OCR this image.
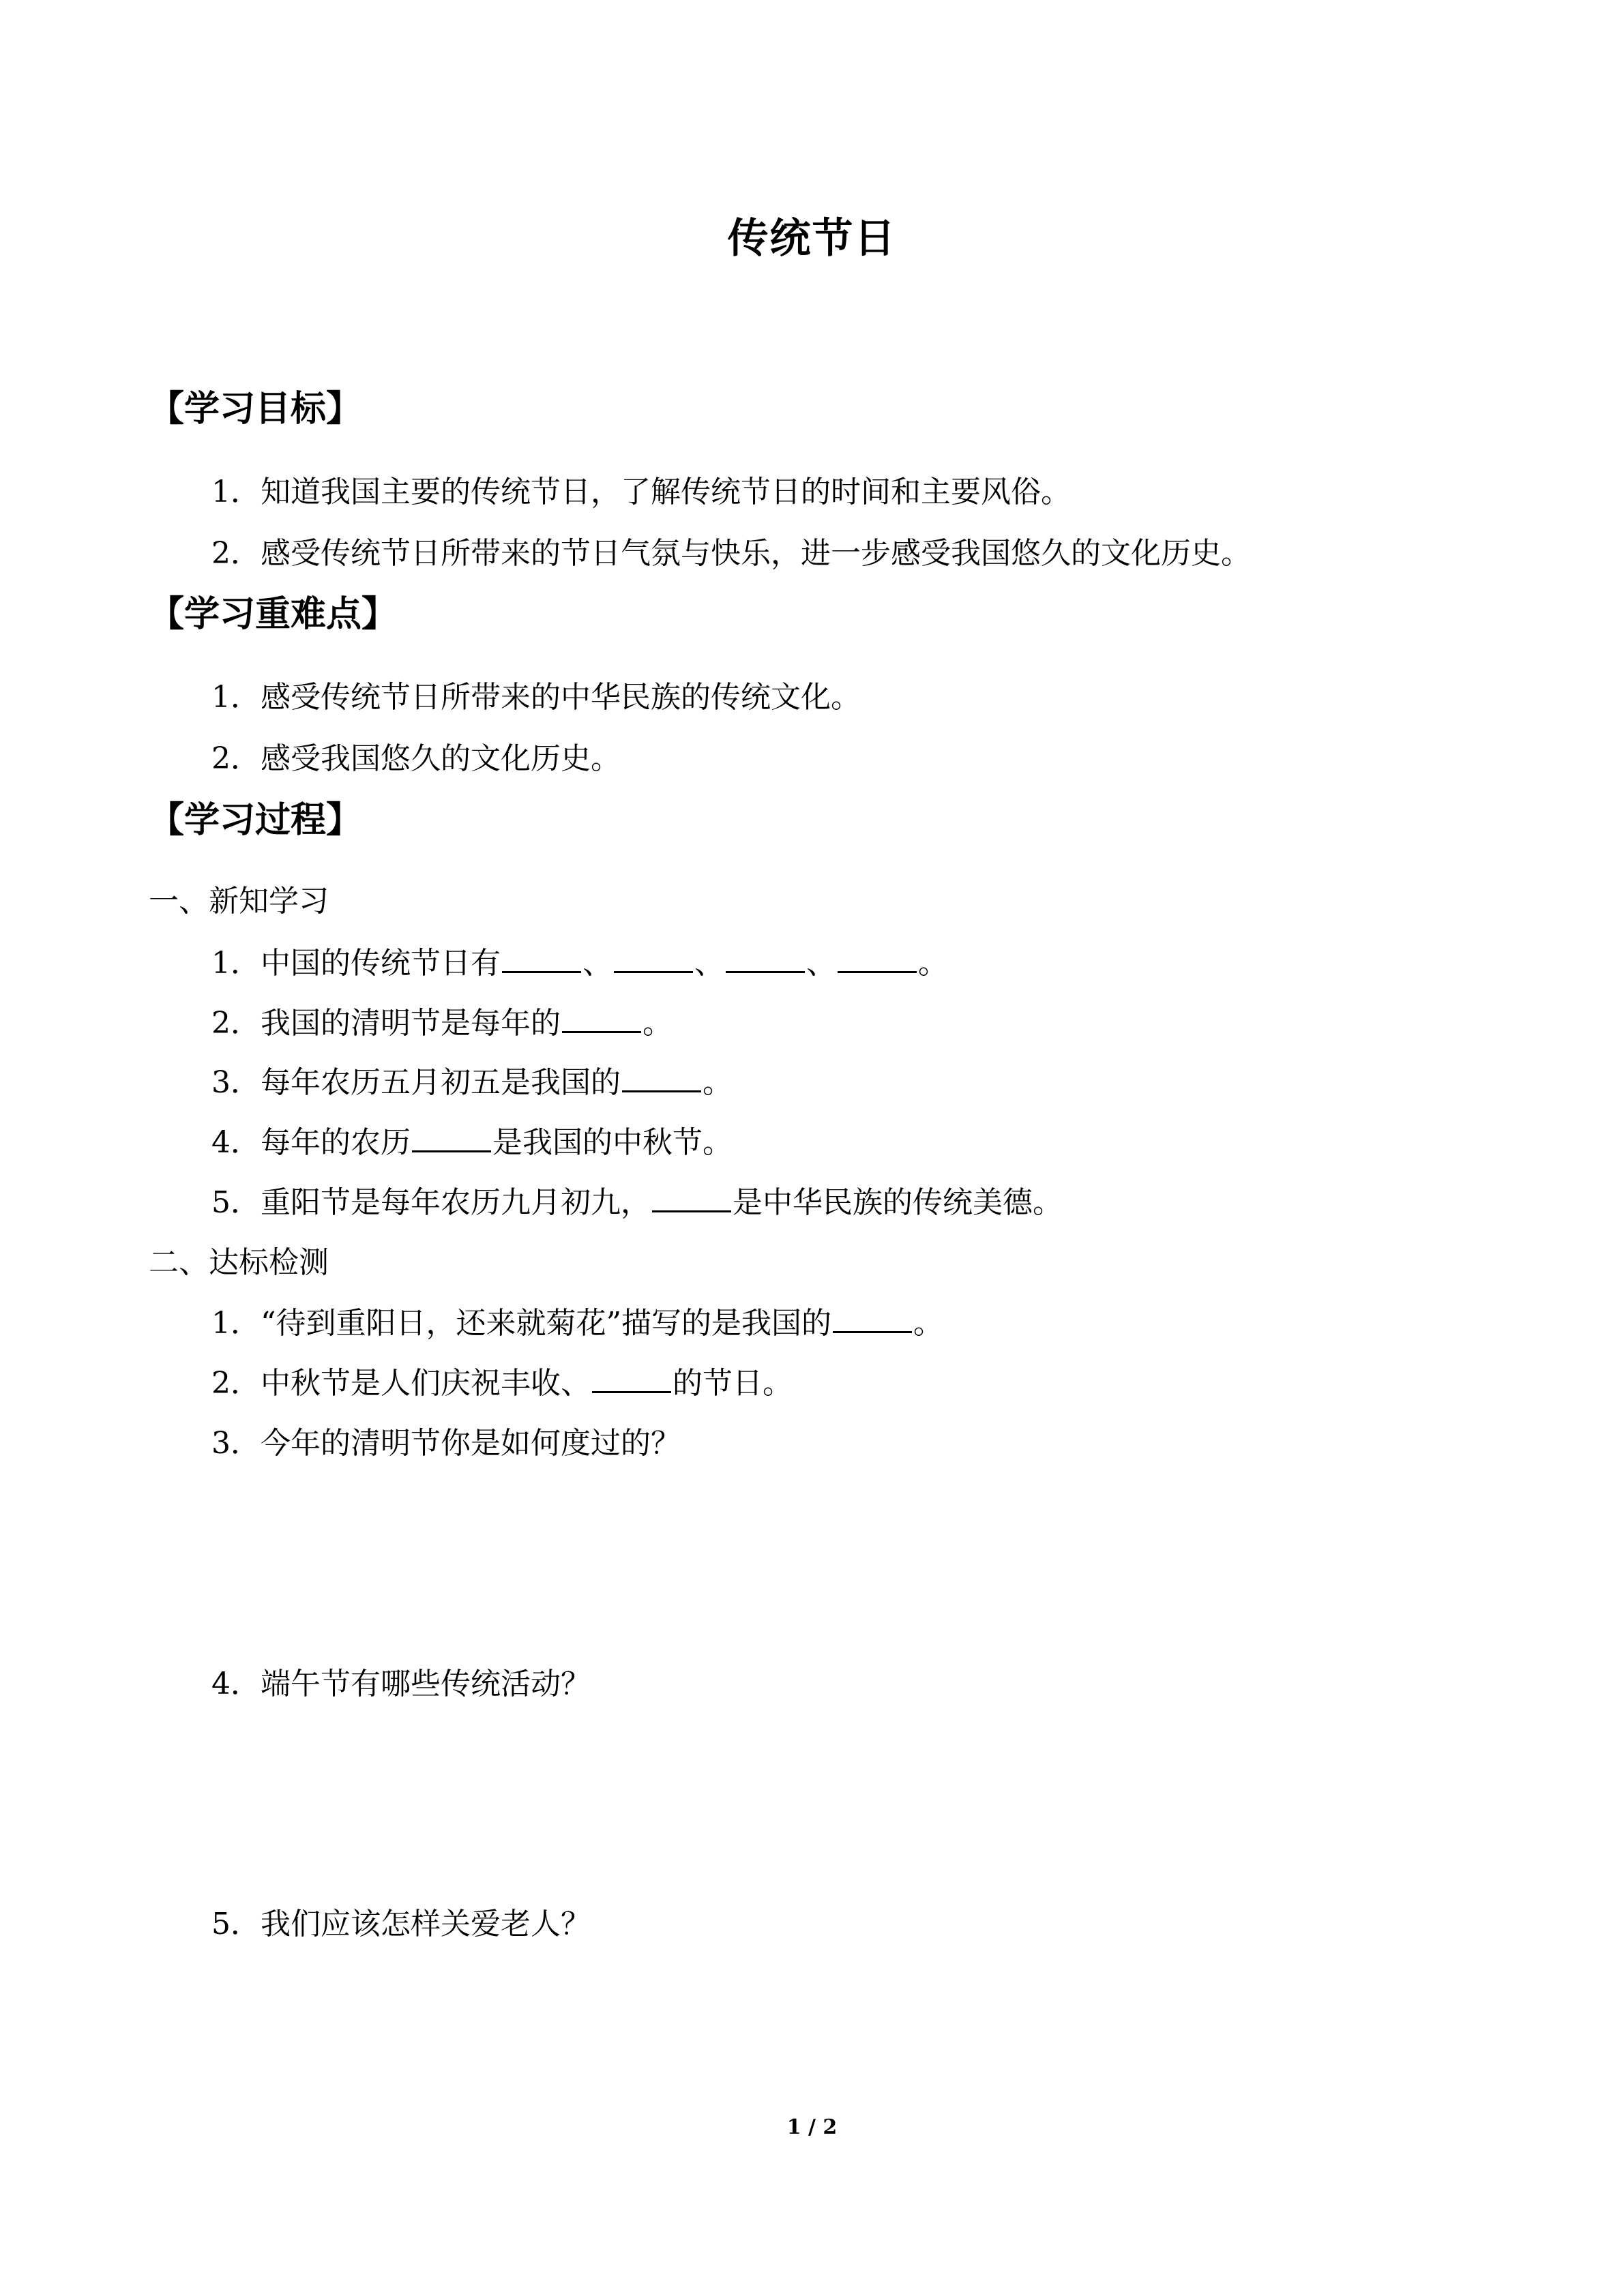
传统节日
【学习目标】
1．知道我国主要的传统节日，了解传统节日的时间和主要风俗。
2．感受传统节日所带来的节日气氛与快乐，进一步感受我国悠久的文化历史。
【学习重难点】
1．感受传统节日所带来的中华民族的传统文化。
2．感受我国悠久的文化历史。
【学习过程】
一、新知学习
1．中国的传统节日有	、	、	、	。
2．我国的清明节是每年的	。
3．每年农历五月初五是我国的	。
4．每年的农历	是我国的中秋节。
5．重阳节是每年农历九月初九，	是中华民族的传统美德。
二、达标检测
1．“待到重阳日，还来就菊花”描写的是我国的	。
2．中秋节是人们庆祝丰收、	的节日。
3．今年的清明节你是如何度过的？
4．端午节有哪些传统活动？
5．我们应该怎样关爱老人？
1 / 2
